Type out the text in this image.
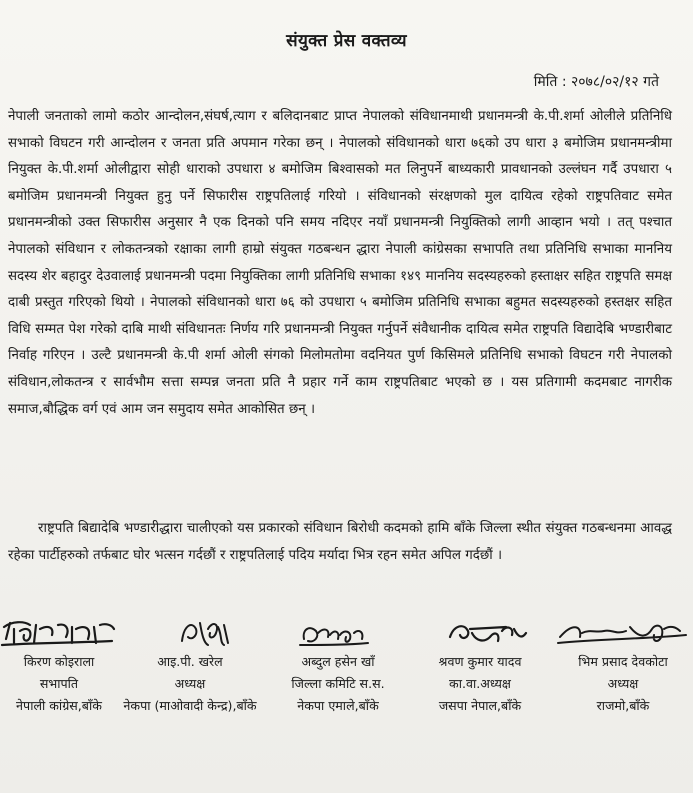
संयुक्त प्रेस वक्तव्य
मिति : २०७८/०२/१२ गते

नेपाली जनताको लामो कठोर आन्दोलन,संघर्ष,त्याग र बलिदानबाट प्राप्त नेपालको संविधानमाथी प्रधानमन्त्री के.पी.शर्मा ओलीले प्रतिनिधि सभाको विघटन गरी आन्दोलन र जनता प्रति अपमान गरेका छन् । नेपालको संविधानको धारा ७६को उप धारा ३ बमोजिम प्रधानमन्त्रीमा नियुक्त के.पी.शर्मा ओलीद्वारा सोही धाराको उपधारा ४ बमोजिम बिश्वासको मत लिनुपर्ने बाध्यकारी प्रावधानको उल्लंघन गर्दै उपधारा ५ बमोजिम प्रधानमन्त्री नियुक्त हुनु पर्ने सिफारीस राष्ट्रपतिलाई गरियो । संविधानको संरक्षणको मुल दायित्व रहेको राष्ट्रपतिवाट समेत प्रधानमन्त्रीको उक्त सिफारीस अनुसार नै एक दिनको पनि समय नदिएर नयाँ प्रधानमन्त्री नियुक्तिको लागी आव्हान भयो । तत् पश्चात नेपालको संविधान र लोकतन्त्रको रक्षाका लागी हाम्रो संयुक्त गठबन्धन द्धारा नेपाली कांग्रेसका सभापति तथा प्रतिनिधि सभाका माननिय सदस्य शेर बहादुर देउवालाई प्रधानमन्त्री पदमा नियुक्तिका लागी प्रतिनिधि सभाका १४९ माननिय सदस्यहरुको हस्ताक्षर सहित राष्ट्रपति समक्ष दाबी प्रस्तुत गरिएको थियो । नेपालको संविधानको धारा ७६ को उपधारा ५ बमोजिम प्रतिनिधि सभाका बहुमत सदस्यहरुको हस्तक्षर सहित विधि सम्मत पेश गरेको दाबि माथी संविधानतः निर्णय गरि प्रधानमन्त्री नियुक्त गर्नुपर्ने संवैधानीक दायित्व समेत राष्ट्रपति विद्यादेबि भण्डारीबाट निर्वाह गरिएन । उल्टै प्रधानमन्त्री के.पी शर्मा ओली संगको मिलोमतोमा वदनियत पुर्ण किसिमले प्रतिनिधि सभाको विघटन गरी नेपालको संविधान,लोकतन्त्र र सार्वभौम सत्ता सम्पन्न जनता प्रति नै प्रहार गर्ने काम राष्ट्रपतिबाट भएको छ । यस प्रतिगामी कदमबाट नागरीक समाज,बौद्धिक वर्ग एवं आम जन समुदाय समेत आकोसित छन् ।

राष्ट्रपति बिद्यादेबि भण्डारीद्धारा चालीएको यस प्रकारको संविधान बिरोधी कदमको हामि बाँके जिल्ला स्थीत संयुक्त गठबन्धनमा आवद्ध रहेका पार्टीहरुको तर्फबाट घोर भत्सन गर्दछौं र राष्ट्रपतिलाई पदिय मर्यादा भित्र रहन समेत अपिल गर्दछौं ।
किरण कोइराला
सभापति
नेपाली कांग्रेस,बाँके
आइ.पी. खरेल
अध्यक्ष
नेकपा (माओवादी केन्द्र),बाँके
अब्दुल हसेन खाँ
जिल्ला कमिटि स.स.
नेकपा एमाले,बाँके
श्रवण कुमार यादव
का.वा.अध्यक्ष
जसपा नेपाल,बाँके
भिम प्रसाद देवकोटा
अध्यक्ष
राजमो,बाँके
